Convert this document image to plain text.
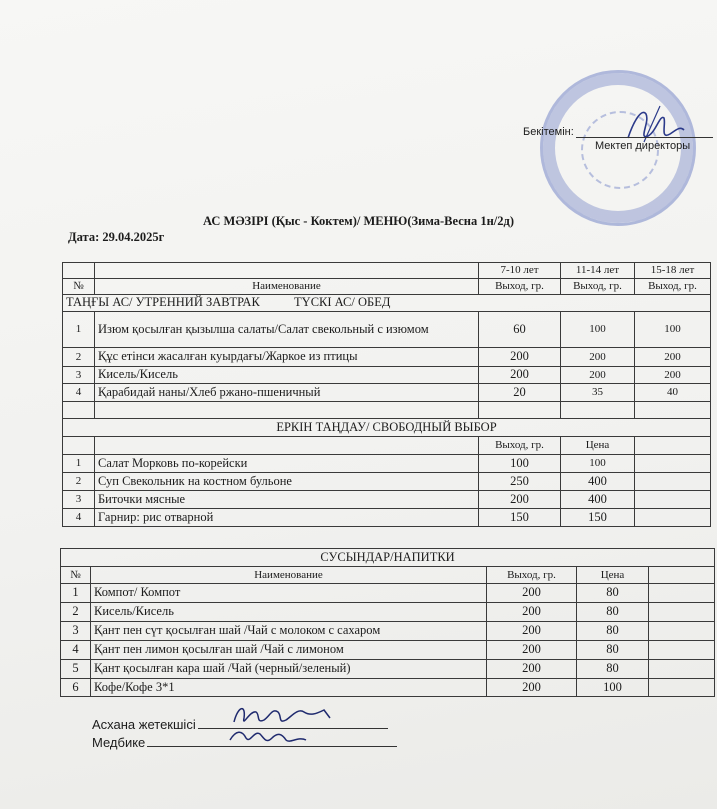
Бекітемін:
Мектеп директоры
АС МӘЗІРІ (Қыс - Коктем)/ МЕНЮ(Зима-Весна 1н/2д)
Дата: 29.04.2025г
		7-10 лет	11-14 лет	15-18 лет
№	Наименование	Выход, гр.	Выход, гр.	Выход, гр.
ТАҢҒЫ АС/ УТРЕННИЙ ЗАВТРАК ТҮСКІ АС/ ОБЕД				
1	Изюм қосылған қызылша салаты/Салат свекольный с изюмом	60	100	100
2	Құс етінси жасалған куырдағы/Жаркое из птицы	200	200	200
3	Кисель/Кисель	200	200	200
4	Қарабидай наны/Хлеб ржано-пшеничный	20	35	40

ЕРКІН ТАҢДАУ/ СВОБОДНЫЙ ВЫБОР				
		Выход, гр.	Цена	
1	Салат Морковь по-корейски	100	100	
2	Суп Свекольник на костном бульоне	250	400	
3	Биточки мясные	200	400	
4	Гарнир: рис отварной	150	150	
СУСЫНДАР/НАПИТКИ				
№	Наименование	Выход, гр.	Цена	
1	Компот/ Компот	200	80	
2	Кисель/Кисель	200	80	
3	Қант пен сүт қосылған шай /Чай с молоком с сахаром	200	80	
4	Қант пен лимон қосылған шай /Чай с лимоном	200	80	
5	Қант қосылған кара шай /Чай (черный/зеленый)	200	80	
6	Кофе/Кофе 3*1	200	100	
Асхана жетекшісі
Медбике
